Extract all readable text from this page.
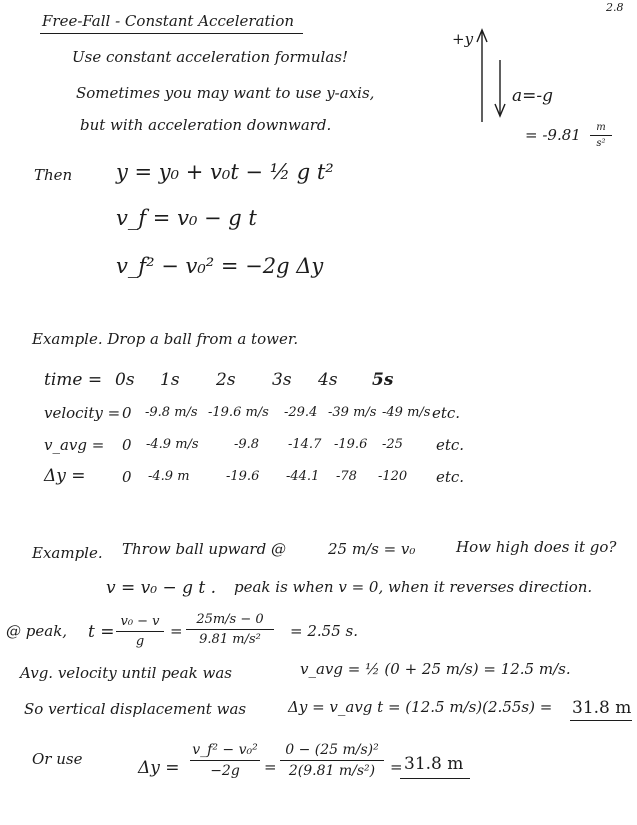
2.8
Free-Fall - Constant Acceleration
Use constant acceleration formulas!
Sometimes you may want to use y-axis,
but with acceleration downward.
+y
a=-g
= -9.81	m
s²
Then y = y₀ + v₀t − ½ g t²
v_f = v₀ − g t
v_f² − v₀² = −2g Δy
Example. Drop a ball from a tower.
time = 0s 1s 2s 3s 4s 5s
velocity = 0 -9.8 m/s -19.6 m/s -29.4 -39 m/s -49 m/s etc.
v_avg = 0 -4.9 m/s	-9.8 -14.7 -19.6 -25 etc.
Δy = 0 -4.9 m	-19.6 -44.1 -78 -120 etc.
Example. Throw ball upward @	25 m/s = v₀	How high does it go?
v = v₀ − g t . peak is when v = 0, when it reverses direction.
@ peak, t =
v₀ − v
g
=
25m/s − 0
9.81 m/s²	= 2.55 s.
Avg. velocity until peak was	v_avg = ½ (0 + 25 m/s) = 12.5 m/s.
So vertical displacement was	Δy = v_avg t = (12.5 m/s)(2.55s) = 31.8 m
Or use	Δy =
v_f² − v₀²
−2g	=
0 − (25 m/s)²
2(9.81 m/s²) = 31.8 m
